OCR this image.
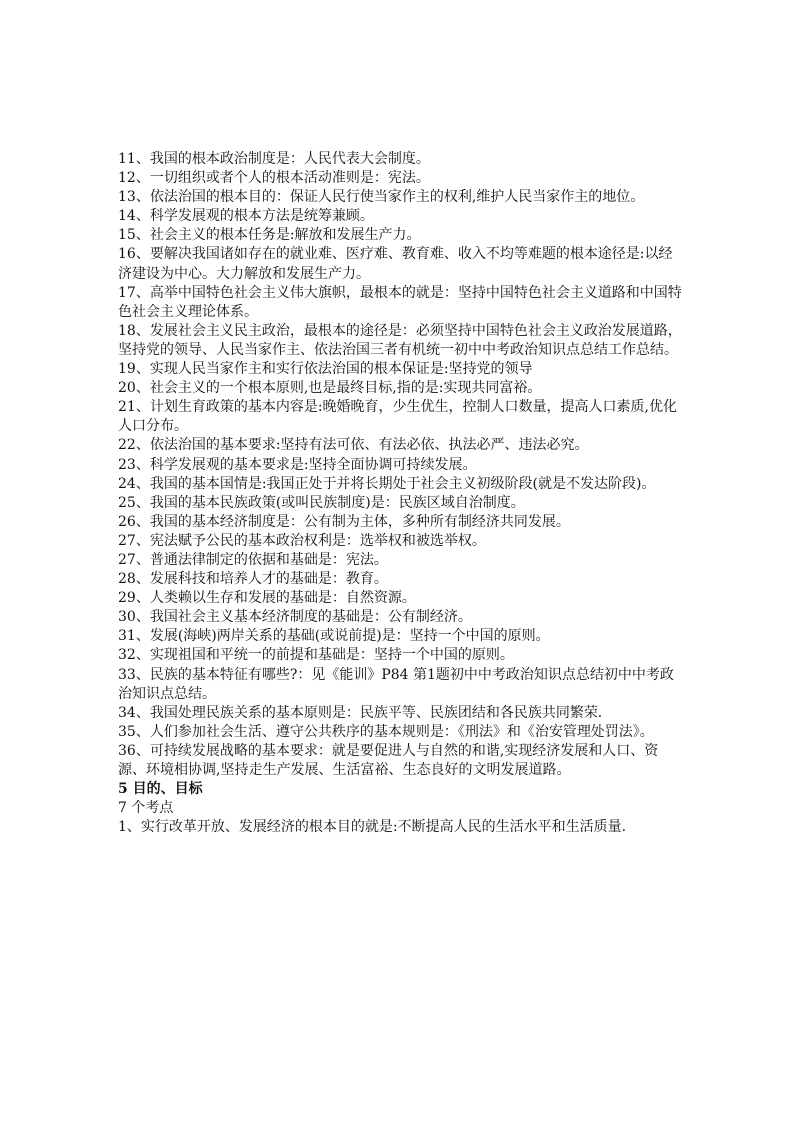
11、我国的根本政治制度是：人民代表大会制度。

12、一切组织或者个人的根本活动准则是：宪法。

13、依法治国的根本目的：保证人民行使当家作主的权利,维护人民当家作主的地位。

14、科学发展观的根本方法是统筹兼顾。

15、社会主义的根本任务是:解放和发展生产力。

16、要解决我国诸如存在的就业难、医疗难、教育难、收入不均等难题的根本途径是:以经济建设为中心。大力解放和发展生产力。

17、高举中国特色社会主义伟大旗帜，最根本的就是：坚持中国特色社会主义道路和中国特色社会主义理论体系。

18、发展社会主义民主政治，最根本的途径是：必须坚持中国特色社会主义政治发展道路，坚持党的领导、人民当家作主、依法治国三者有机统一初中中考政治知识点总结工作总结。

19、实现人民当家作主和实行依法治国的根本保证是:坚持党的领导

20、社会主义的一个根本原则,也是最终目标,指的是:实现共同富裕。

21、计划生育政策的基本内容是:晚婚晚育，少生优生，控制人口数量，提高人口素质,优化人口分布。

22、依法治国的基本要求:坚持有法可依、有法必依、执法必严、违法必究。

23、科学发展观的基本要求是:坚持全面协调可持续发展。

24、我国的基本国情是:我国正处于并将长期处于社会主义初级阶段(就是不发达阶段)。

25、我国的基本民族政策(或叫民族制度)是：民族区域自治制度。

26、我国的基本经济制度是：公有制为主体，多种所有制经济共同发展。

27、宪法赋予公民的基本政治权利是：选举权和被选举权。

27、普通法律制定的依据和基础是：宪法。

28、发展科技和培养人才的基础是：教育。

29、人类赖以生存和发展的基础是：自然资源。

30、我国社会主义基本经济制度的基础是：公有制经济。

31、发展(海峡)两岸关系的基础(或说前提)是：坚持一个中国的原则。

32、实现祖国和平统一的前提和基础是：坚持一个中国的原则。

33、民族的基本特征有哪些?：见《能训》P84 第1题初中中考政治知识点总结初中中考政治知识点总结。

34、我国处理民族关系的基本原则是：民族平等、民族团结和各民族共同繁荣.

35、人们参加社会生活、遵守公共秩序的基本规则是：《刑法》和《治安管理处罚法》。

36、可持续发展战略的基本要求：就是要促进人与自然的和谐,实现经济发展和人口、资源、环境相协调,坚持走生产发展、生活富裕、生态良好的文明发展道路。

5 目的、目标

7 个考点

1、实行改革开放、发展经济的根本目的就是:不断提高人民的生活水平和生活质量.
